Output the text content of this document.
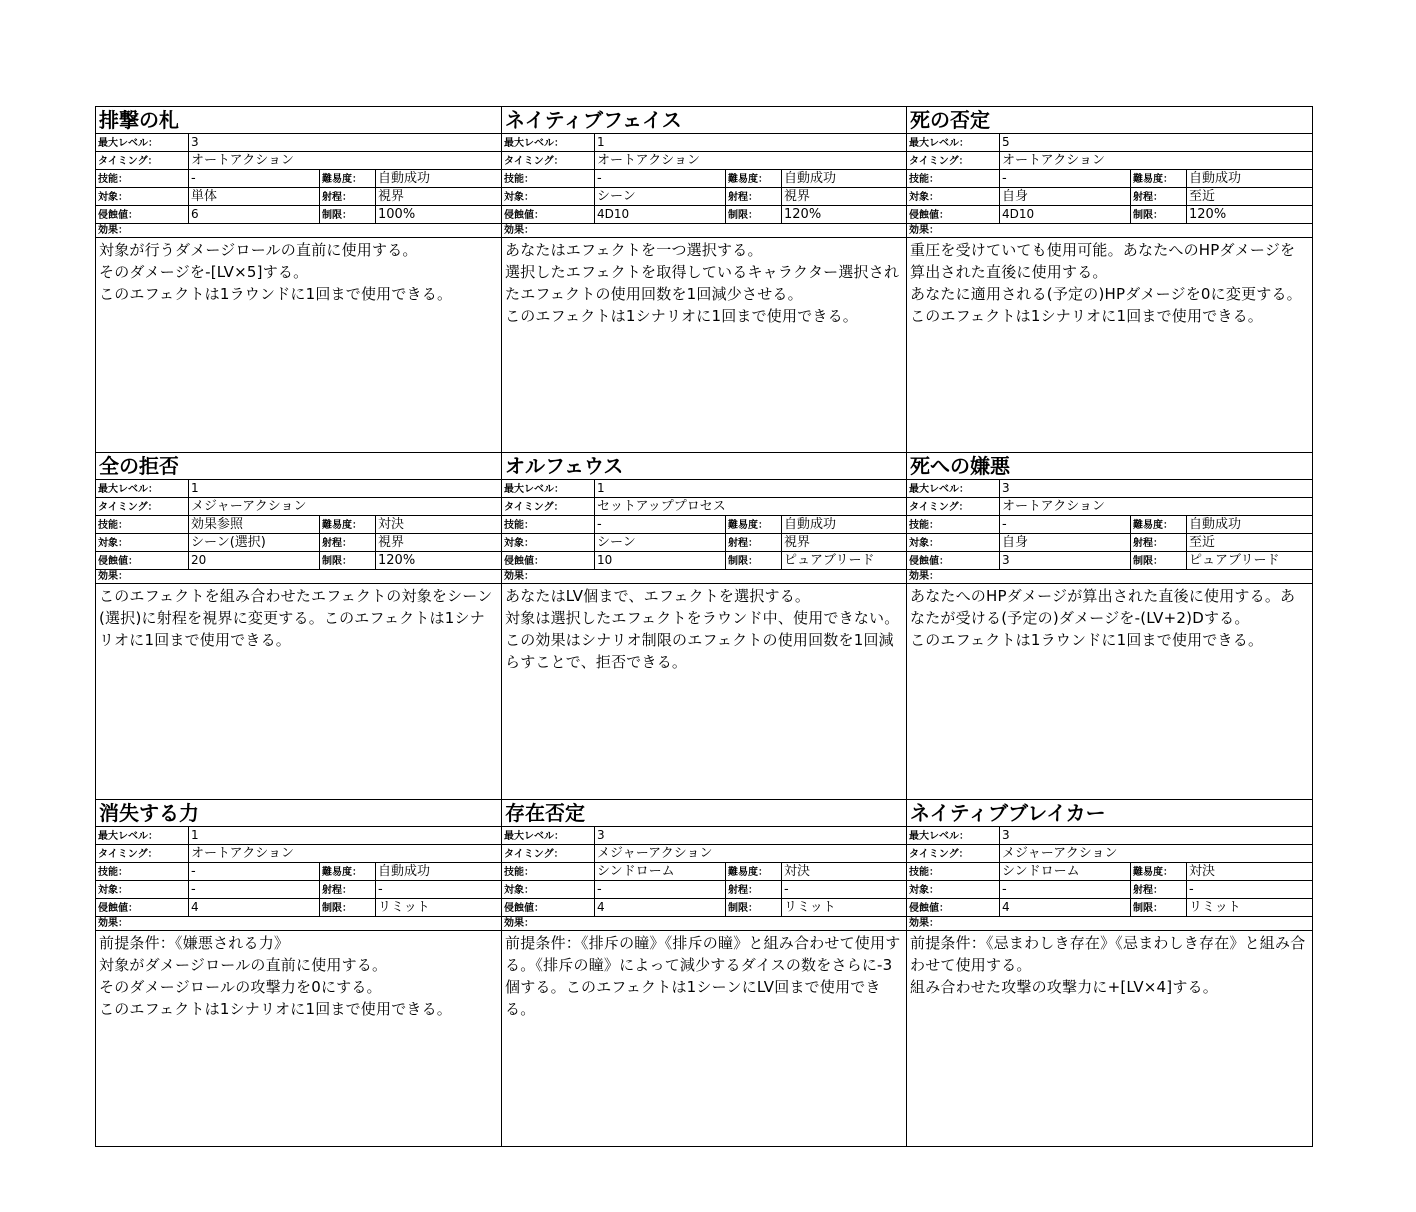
排撃の札
最大レベル：	3
タイミング：	オートアクション
技能：	-	難易度：	自動成功
対象：	単体	射程：	視界
侵蝕値：	6	制限：	100%
効果：
対象が行うダメージロールの直前に使用する。
そのダメージを-[LV×5]する。
このエフェクトは1ラウンドに1回まで使用できる。
ネイティブフェイス
最大レベル：	1
タイミング：	オートアクション
技能：	-	難易度：	自動成功
対象：	シーン	射程：	視界
侵蝕値：	4D10	制限：	120%
効果：
あなたはエフェクトを一つ選択する。
選択したエフェクトを取得しているキャラクター選択されたエフェクトの使用回数を1回減少させる。
このエフェクトは1シナリオに1回まで使用できる。
死の否定
最大レベル：	5
タイミング：	オートアクション
技能：	-	難易度：	自動成功
対象：	自身	射程：	至近
侵蝕値：	4D10	制限：	120%
効果：
重圧を受けていても使用可能。あなたへのHPダメージを算出された直後に使用する。
あなたに適用される(予定の)HPダメージを0に変更する。
このエフェクトは1シナリオに1回まで使用できる。
全の拒否
最大レベル：	1
タイミング：	メジャーアクション
技能：	効果参照	難易度：	対決
対象：	シーン(選択)	射程：	視界
侵蝕値：	20	制限：	120%
効果：
このエフェクトを組み合わせたエフェクトの対象をシーン(選択)に射程を視界に変更する。このエフェクトは1シナリオに1回まで使用できる。
オルフェウス
最大レベル：	1
タイミング：	セットアッププロセス
技能：	-	難易度：	自動成功
対象：	シーン	射程：	視界
侵蝕値：	10	制限：	ピュアブリード
効果：
あなたはLV個まで、エフェクトを選択する。
対象は選択したエフェクトをラウンド中、使用できない。
この効果はシナリオ制限のエフェクトの使用回数を1回減らすことで、拒否できる。
死への嫌悪
最大レベル：	3
タイミング：	オートアクション
技能：	-	難易度：	自動成功
対象：	自身	射程：	至近
侵蝕値：	3	制限：	ピュアブリード
効果：
あなたへのHPダメージが算出された直後に使用する。あなたが受ける(予定の)ダメージを-(LV+2)Dする。
このエフェクトは1ラウンドに1回まで使用できる。
消失する力
最大レベル：	1
タイミング：	オートアクション
技能：	-	難易度：	自動成功
対象：	-	射程：	-
侵蝕値：	4	制限：	リミット
効果：
前提条件：《嫌悪される力》
対象がダメージロールの直前に使用する。
そのダメージロールの攻撃力を0にする。
このエフェクトは1シナリオに1回まで使用できる。
存在否定
最大レベル：	3
タイミング：	メジャーアクション
技能：	シンドローム	難易度：	対決
対象：	-	射程：	-
侵蝕値：	4	制限：	リミット
効果：
前提条件：《排斥の瞳》《排斥の瞳》と組み合わせて使用する。《排斥の瞳》によって減少するダイスの数をさらに-3個する。このエフェクトは1シーンにLV回まで使用できる。
ネイティブブレイカー
最大レベル：	3
タイミング：	メジャーアクション
技能：	シンドローム	難易度：	対決
対象：	-	射程：	-
侵蝕値：	4	制限：	リミット
効果：
前提条件：《忌まわしき存在》《忌まわしき存在》と組み合わせて使用する。
組み合わせた攻撃の攻撃力に+[LV×4]する。
